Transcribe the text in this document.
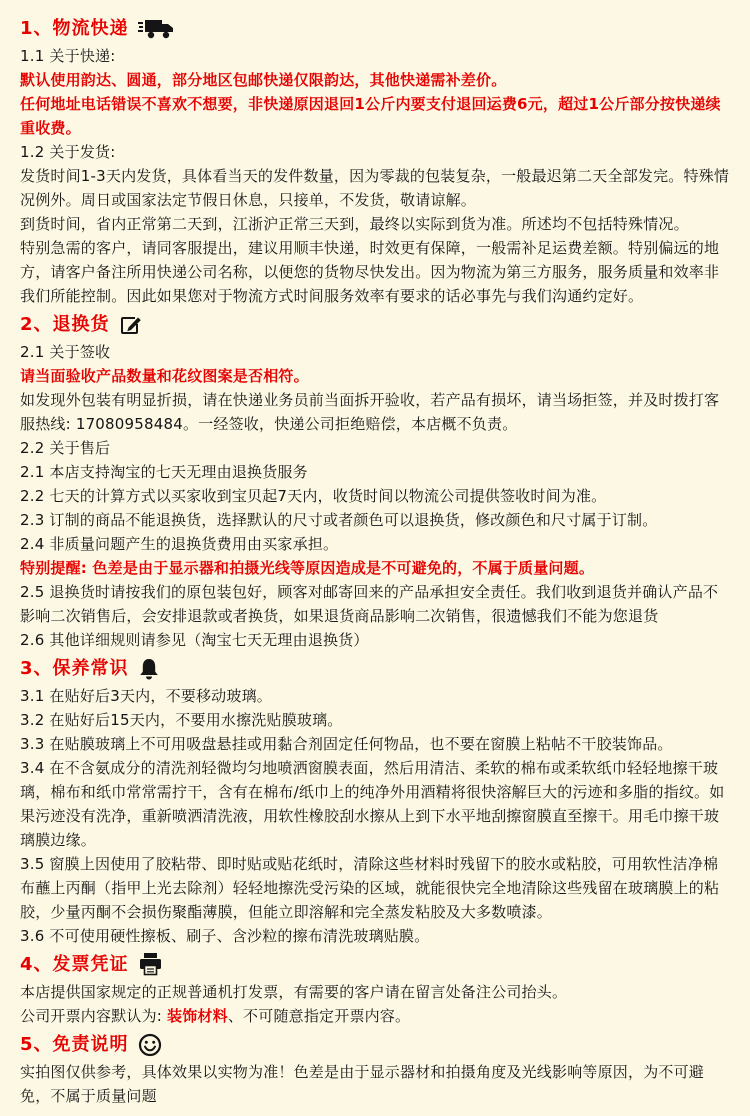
1、物流快递

1.1 关于快递:

默认使用韵达、圆通，部分地区包邮快递仅限韵达，其他快递需补差价。

任何地址电话错误不喜欢不想要，非快递原因退回1公斤内要支付退回运费6元，超过1公斤部分按快递续重收费。

1.2 关于发货:

发货时间1-3天内发货，具体看当天的发件数量，因为零裁的包装复杂，一般最迟第二天全部发完。特殊情况例外。周日或国家法定节假日休息，只接单，不发货，敬请谅解。

到货时间，省内正常第二天到，江浙沪正常三天到，最终以实际到货为准。所述均不包括特殊情况。

特别急需的客户，请同客服提出，建议用顺丰快递，时效更有保障，一般需补足运费差额。特别偏远的地方，请客户备注所用快递公司名称，以便您的货物尽快发出。因为物流为第三方服务，服务质量和效率非我们所能控制。因此如果您对于物流方式时间服务效率有要求的话必事先与我们沟通约定好。

2、退换货

2.1 关于签收

请当面验收产品数量和花纹图案是否相符。

如发现外包装有明显折损，请在快递业务员前当面拆开验收，若产品有损坏，请当场拒签，并及时拨打客服热线: 17080958484。一经签收，快递公司拒绝赔偿，本店概不负责。

2.2 关于售后

2.1 本店支持淘宝的七天无理由退换货服务

2.2 七天的计算方式以买家收到宝贝起7天内，收货时间以物流公司提供签收时间为准。

2.3 订制的商品不能退换货，选择默认的尺寸或者颜色可以退换货，修改颜色和尺寸属于订制。

2.4 非质量问题产生的退换货费用由买家承担。

特别提醒: 色差是由于显示器和拍摄光线等原因造成是不可避免的，不属于质量问题。

2.5 退换货时请按我们的原包装包好，顾客对邮寄回来的产品承担安全责任。我们收到退货并确认产品不影响二次销售后，会安排退款或者换货，如果退货商品影响二次销售，很遗憾我们不能为您退货

2.6 其他详细规则请参见（淘宝七天无理由退换货）

3、保养常识

3.1 在贴好后3天内，不要移动玻璃。

3.2 在贴好后15天内，不要用水擦洗贴膜玻璃。

3.3 在贴膜玻璃上不可用吸盘悬挂或用黏合剂固定任何物品，也不要在窗膜上粘帖不干胶装饰品。

3.4 在不含氨成分的清洗剂轻微均匀地喷洒窗膜表面，然后用清洁、柔软的棉布或柔软纸巾轻轻地擦干玻璃，棉布和纸巾常常需拧干，含有在棉布/纸巾上的纯净外用酒精将很快溶解巨大的污迹和多脂的指纹。如果污迹没有洗净，重新喷洒清洗液，用软性橡胶刮水擦从上到下水平地刮擦窗膜直至擦干。用毛巾擦干玻璃膜边缘。

3.5 窗膜上因使用了胶粘带、即时贴或贴花纸时，清除这些材料时残留下的胶水或粘胶，可用软性洁净棉布蘸上丙酮（指甲上光去除剂）轻轻地擦洗受污染的区域，就能很快完全地清除这些残留在玻璃膜上的粘胶，少量丙酮不会损伤聚酯薄膜，但能立即溶解和完全蒸发粘胶及大多数喷漆。

3.6 不可使用硬性擦板、刷子、含沙粒的擦布清洗玻璃贴膜。

4、发票凭证

本店提供国家规定的正规普通机打发票，有需要的客户请在留言处备注公司抬头。

公司开票内容默认为: 装饰材料、不可随意指定开票内容。

5、免责说明

实拍图仅供参考，具体效果以实物为准！色差是由于显示器材和拍摄角度及光线影响等原因，为不可避免，不属于质量问题
